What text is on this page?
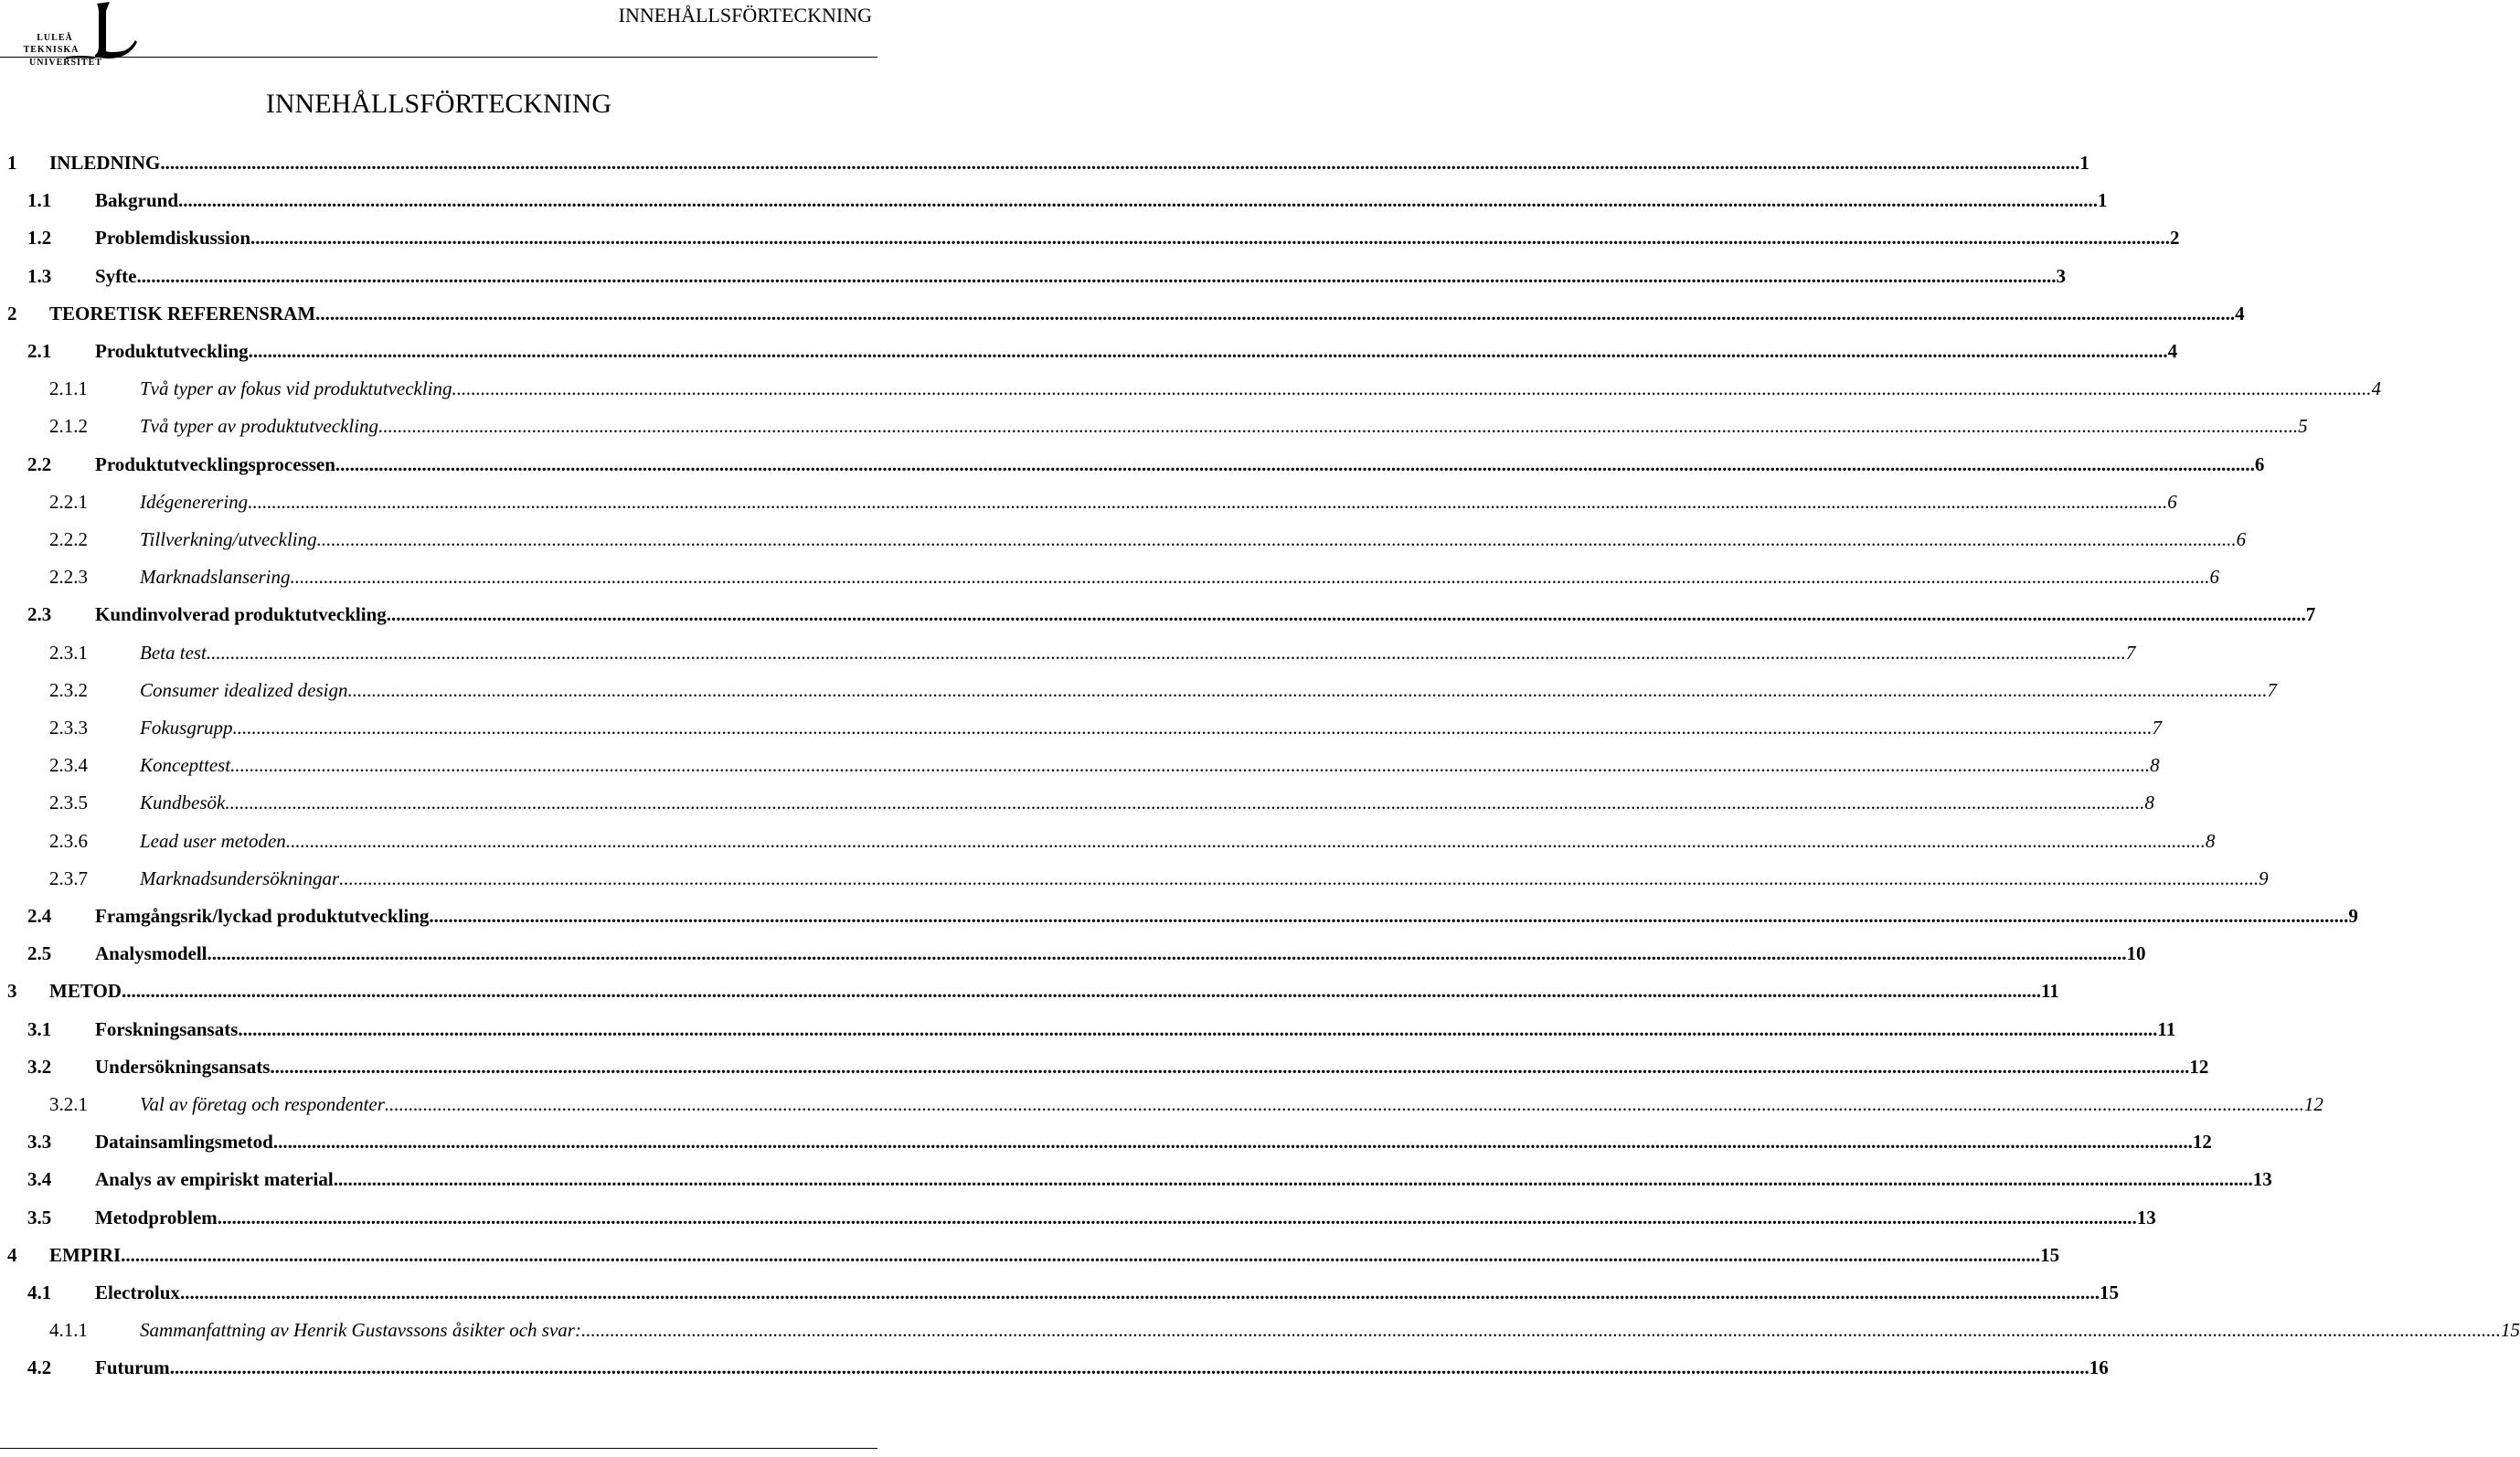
LULEÅ
TEKNISKA
UNIVERSITET
INNEHÅLLSFÖRTECKNING
INNEHÅLLSFÖRTECKNING
1 INLEDNING ................................................................................................................................................................................................................................................................................................................................................................................................................ 1
1.1 Bakgrund ................................................................................................................................................................................................................................................................................................................................................................................................................ 1
1.2 Problemdiskussion ................................................................................................................................................................................................................................................................................................................................................................................................................ 2
1.3 Syfte ................................................................................................................................................................................................................................................................................................................................................................................................................ 3
2 TEORETISK REFERENSRAM ................................................................................................................................................................................................................................................................................................................................................................................................................ 4
2.1 Produktutveckling ................................................................................................................................................................................................................................................................................................................................................................................................................ 4
2.1.1	Två typer av fokus vid produktutveckling ................................................................................................................................................................................................................................................................................................................................................................................................................ 4
2.1.2	Två typer av produktutveckling ................................................................................................................................................................................................................................................................................................................................................................................................................ 5
2.2 Produktutvecklingsprocessen ................................................................................................................................................................................................................................................................................................................................................................................................................ 6
2.2.1	Idégenerering ................................................................................................................................................................................................................................................................................................................................................................................................................ 6
2.2.2	Tillverkning/utveckling ................................................................................................................................................................................................................................................................................................................................................................................................................ 6
2.2.3	Marknadslansering ................................................................................................................................................................................................................................................................................................................................................................................................................ 6
2.3 Kundinvolverad produktutveckling ................................................................................................................................................................................................................................................................................................................................................................................................................ 7
2.3.1	Beta test ................................................................................................................................................................................................................................................................................................................................................................................................................ 7
2.3.2	Consumer idealized design ................................................................................................................................................................................................................................................................................................................................................................................................................ 7
2.3.3	Fokusgrupp ................................................................................................................................................................................................................................................................................................................................................................................................................ 7
2.3.4	Koncepttest ................................................................................................................................................................................................................................................................................................................................................................................................................ 8
2.3.5	Kundbesök ................................................................................................................................................................................................................................................................................................................................................................................................................ 8
2.3.6	Lead user metoden ................................................................................................................................................................................................................................................................................................................................................................................................................ 8
2.3.7	Marknadsundersökningar ................................................................................................................................................................................................................................................................................................................................................................................................................ 9
2.4 Framgångsrik/lyckad produktutveckling ................................................................................................................................................................................................................................................................................................................................................................................................................ 9
2.5 Analysmodell ................................................................................................................................................................................................................................................................................................................................................................................................................ 10
3 METOD ................................................................................................................................................................................................................................................................................................................................................................................................................ 11
3.1 Forskningsansats ................................................................................................................................................................................................................................................................................................................................................................................................................ 11
3.2 Undersökningsansats ................................................................................................................................................................................................................................................................................................................................................................................................................ 12
3.2.1	Val av företag och respondenter ................................................................................................................................................................................................................................................................................................................................................................................................................ 12
3.3 Datainsamlingsmetod ................................................................................................................................................................................................................................................................................................................................................................................................................ 12
3.4 Analys av empiriskt material ................................................................................................................................................................................................................................................................................................................................................................................................................ 13
3.5 Metodproblem ................................................................................................................................................................................................................................................................................................................................................................................................................ 13
4 EMPIRI ................................................................................................................................................................................................................................................................................................................................................................................................................ 15
4.1 Electrolux ................................................................................................................................................................................................................................................................................................................................................................................................................ 15
4.1.1	Sammanfattning av Henrik Gustavssons åsikter och svar: ................................................................................................................................................................................................................................................................................................................................................................................................................ 15
4.2 Futurum ................................................................................................................................................................................................................................................................................................................................................................................................................ 16
